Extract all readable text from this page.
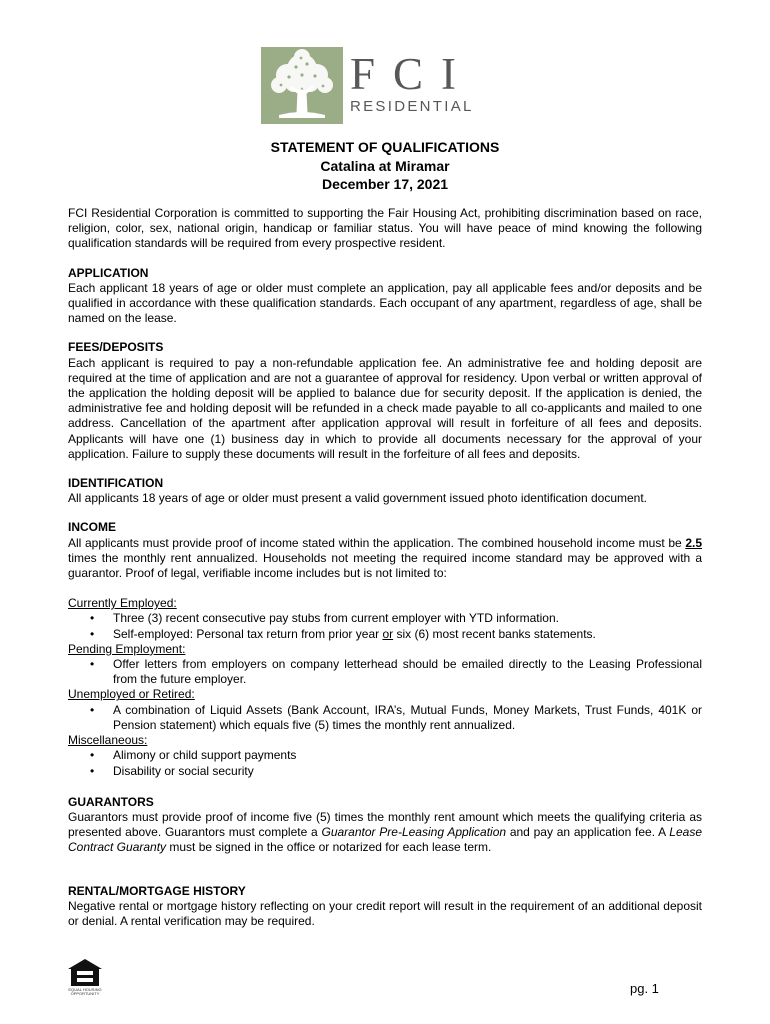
FCI
RESIDENTIAL
STATEMENT OF QUALIFICATIONS
Catalina at Miramar
December 17, 2021

FCI Residential Corporation is committed to supporting the Fair Housing Act, prohibiting discrimination based on race, religion, color, sex, national origin, handicap or familiar status. You will have peace of mind knowing the following qualification standards will be required from every prospective resident.

APPLICATION

Each applicant 18 years of age or older must complete an application, pay all applicable fees and/or deposits and be qualified in accordance with these qualification standards. Each occupant of any apartment, regardless of age, shall be named on the lease.

FEES/DEPOSITS

Each applicant is required to pay a non-refundable application fee. An administrative fee and holding deposit are required at the time of application and are not a guarantee of approval for residency. Upon verbal or written approval of the application the holding deposit will be applied to balance due for security deposit. If the application is denied, the administrative fee and holding deposit will be refunded in a check made payable to all co-applicants and mailed to one address. Cancellation of the apartment after application approval will result in forfeiture of all fees and deposits. Applicants will have one (1) business day in which to provide all documents necessary for the approval of your application. Failure to supply these documents will result in the forfeiture of all fees and deposits.

IDENTIFICATION

All applicants 18 years of age or older must present a valid government issued photo identification document.

INCOME

All applicants must provide proof of income stated within the application. The combined household income must be 2.5 times the monthly rent annualized. Households not meeting the required income standard may be approved with a guarantor. Proof of legal, verifiable income includes but is not limited to:

Currently Employed:

• Three (3) recent consecutive pay stubs from current employer with YTD information.
• Self-employed: Personal tax return from prior year or six (6) most recent banks statements.

Pending Employment:

• Offer letters from employers on company letterhead should be emailed directly to the Leasing Professional from the future employer.

Unemployed or Retired:

• A combination of Liquid Assets (Bank Account, IRA’s, Mutual Funds, Money Markets, Trust Funds, 401K or Pension statement) which equals five (5) times the monthly rent annualized.

Miscellaneous:

• Alimony or child support payments
• Disability or social security

GUARANTORS

Guarantors must provide proof of income five (5) times the monthly rent amount which meets the qualifying criteria as presented above. Guarantors must complete a Guarantor Pre-Leasing Application and pay an application fee. A Lease Contract Guaranty must be signed in the office or notarized for each lease term.

RENTAL/MORTGAGE HISTORY

Negative rental or mortgage history reflecting on your credit report will result in the requirement of an additional deposit or denial. A rental verification may be required.

EQUAL HOUSING OPPORTUNITY	pg. 1
